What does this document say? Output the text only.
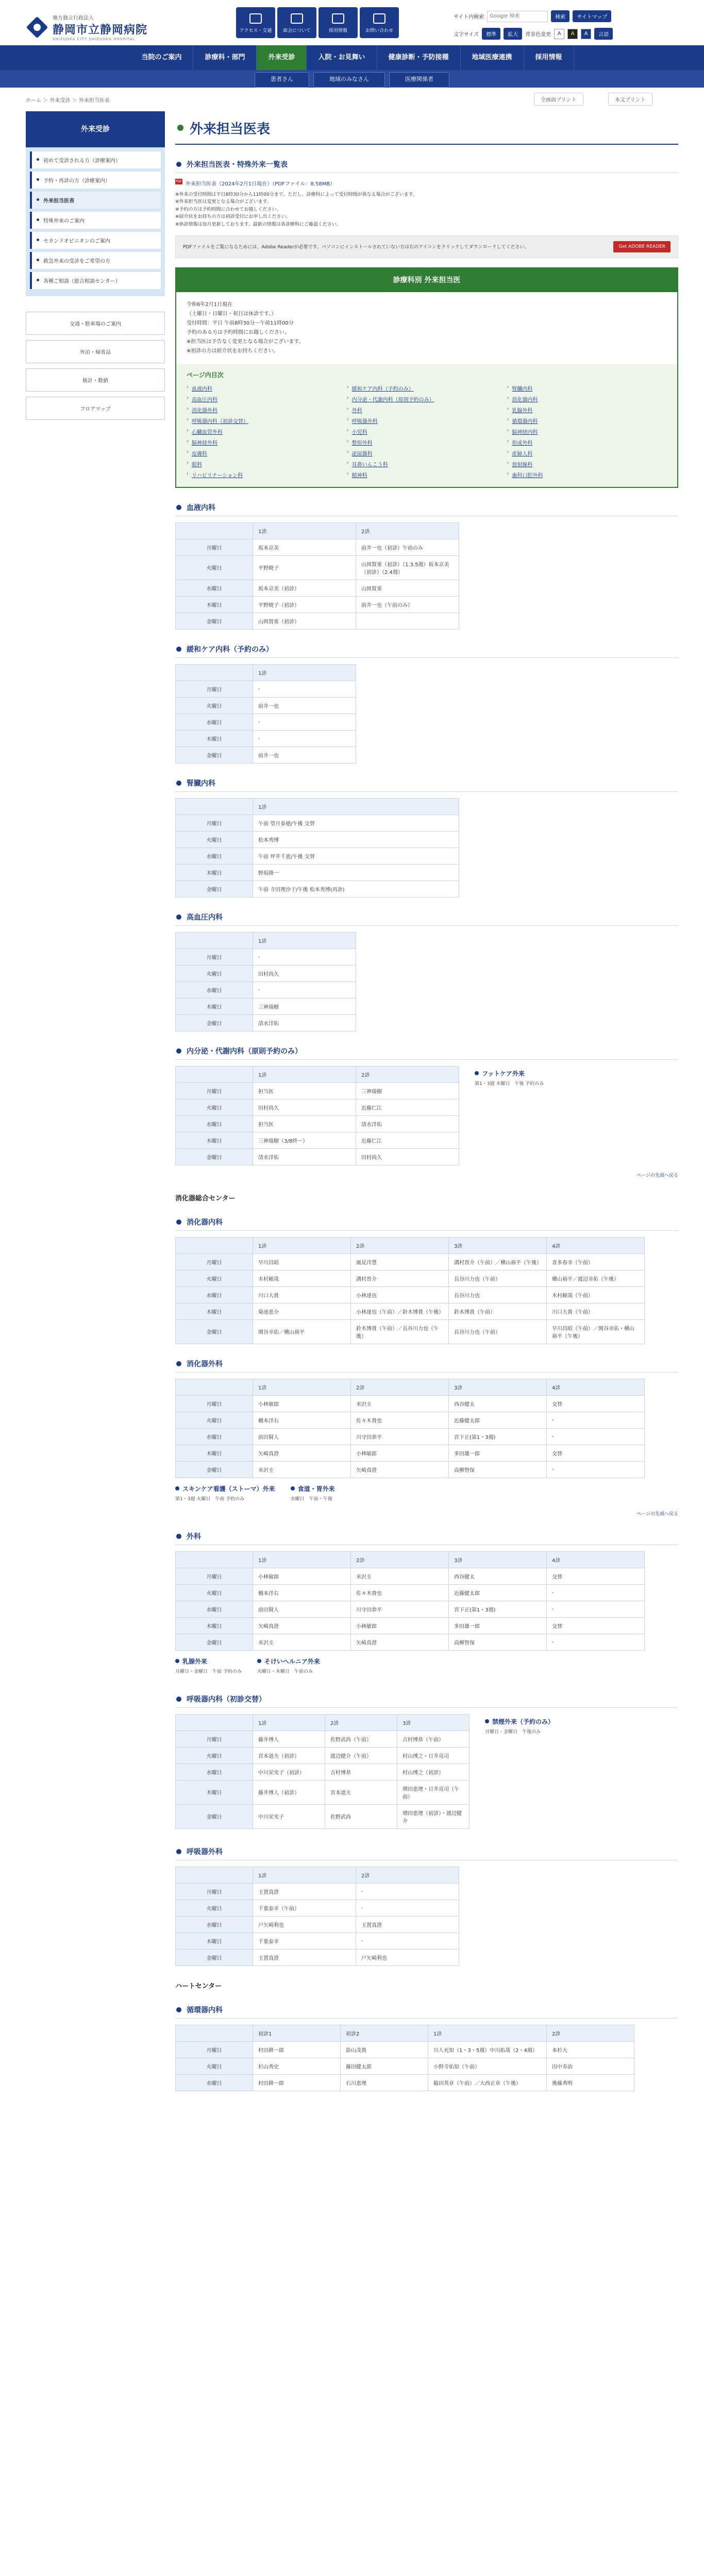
地方独立行政法人
静岡市立静岡病院
SHIZUOKA CITY SHIZUOKA HOSPITAL
アクセス・交通	面会について	採用情報	お問い合わせ
サイト内検索
Google 検索	検索	サイトマップ
文字サイズ	標準	拡大	背景色変更	A	A	A	言語
当院のご案内	診療科・部門	外来受診	入院・お見舞い	健康診断・予防接種	地域医療連携	採用情報
患者さん	地域のみなさん	医療関係者
ホーム ＞ 外来受診 ＞ 外来担当医表	全画面プリント	本文プリント
外来受診
初めて受診される方（診療案内）
予約・再診の方（診療案内）
外来担当医表
特殊外来のご案内
セカンドオピニオンのご案内
救急外来の受診をご希望の方
各種ご相談（総合相談センター）
交通・駐車場のご案内
外泊・帰省品
統計・数値
フロアマップ
外来担当医表
外来担当医表・特殊外来一覧表
PDF 外来担当医表（2024年2月1日現在）（PDFファイル：8.58MB）
※外来の受付時間は平日8時30分から11時00分まで。ただし、診療科によって受付時間が異なる場合がございます。
※外来担当医は変更となる場合がございます。
※予約の方は予約時間に合わせてお越しください。
※紹介状をお持ちの方は初診受付にお申し出ください。
※休診情報は毎月更新しております。最新の情報は各診療科にご確認ください。
PDFファイルをご覧になるためには、Adobe Readerが必要です。パソコンにインストールされていない方は右のアイコンをクリックしてダウンロードしてください。	Get ADOBE READER
診療科別 外来担当医
令和6年2月1日現在
（土曜日・日曜日・祝日は休診です。）
受付時間：平日 午前8時30分〜午前11時00分
予約のある方は予約時間にお越しください。
※担当医は予告なく変更となる場合がございます。
※初診の方は紹介状をお持ちください。
ページ内目次
› 血液内科	› 緩和ケア内科（予約のみ）	› 腎臓内科
› 高血圧内科	› 内分泌・代謝内科（原則予約のみ）	› 消化器内科
› 消化器外科	› 外科	› 乳腺外科
› 呼吸器内科（初診交替）	› 呼吸器外科	› 循環器内科
› 心臓血管外科	› 小児科	› 脳神経内科
› 脳神経外科	› 整形外科	› 形成外科
› 皮膚科	› 泌尿器科	› 産婦人科
› 眼科	› 耳鼻いんこう科	› 放射線科
› リハビリテーション科	› 精神科	› 歯科口腔外科
血液内科
	1診	2診
月曜日	坂本京美	前井一也（初診）午前のみ
火曜日	平野暁子	山岡賀重（初診）（1.3.5週）坂本京美（初診）（2.4週）
水曜日	坂本京美（初診）	山岡賀重
木曜日	平野暁子（初診）	前井一也（午前のみ）
金曜日	山岡賀重（初診）	
緩和ケア内科（予約のみ）
	1診
月曜日	-
火曜日	前井一也
水曜日	-
木曜日	-
金曜日	前井一也
腎臓内科
	1診
月曜日	午前 望月泰徳/午後 交替
火曜日	松本秀博
水曜日	午前 坪井千恵/午後 交替
木曜日	野坂隆一
金曜日	午前 寺田理沙子/午後 松本秀博(再診)
高血圧内科
	1診
月曜日	-
火曜日	田村尚久
水曜日	-
木曜日	三神瑞樹
金曜日	清水洋佑
内分泌・代謝内科（原則予約のみ）
	1診	2診
月曜日	担当医	三神瑞樹
火曜日	田村尚久	近藤仁江
水曜日	担当医	清水洋佑
木曜日	三神瑞樹（3/8終〜）	近藤仁江
金曜日	清水洋佑	田村尚久
フットケア外来
第1・3週 木曜日　午後 予約のみ
ページの先頭へ戻る
消化器総合センター
消化器内科
	1診	2診	3診	4診
月曜日	早川昌昭	風見洋慧	溝村晋介（午前）／横山裕平（午後）	喜多春幸（午前）
火曜日	木村頼哉	溝村晋介	長谷川力也（午前）	横山裕平／渡辺幸佑（午後）
水曜日	川口大貴	小林達也	長谷川力也	木村頼哉（午前）
木曜日	菊池恵介	小林達也（午前）／鈴木博貴（午後）	鈴木博貴（午前）	川口大貴（午前）
金曜日	関谷幸佑／横山裕平	鈴木博貴（午前）／長谷川力也（午後）	長谷川力也（午前）	早川昌昭（午前）／関谷幸佑・横山裕平（午後）
消化器外科
	1診	2診	3診	4診
月曜日	小林敏郎	米沢圭	西谷健太	交替
火曜日	橋本洋右	佐々木貴也	近藤健太郎	-
水曜日	前田賢人	川守田恭平	宮下正(第1・3週)	-
木曜日	矢崎真澄	小林敏郎	多田雄一郎	交替
金曜日	米沢圭	矢崎真澄	高柳智保	-
スキンケア看護（ストーマ）外来
第1・3週 火曜日　午前 予約のみ
食道・胃外来
水曜日　午前・午後
ページの先頭へ戻る
外科
	1診	2診	3診	4診
月曜日	小林敏郎	米沢圭	西谷健太	交替
火曜日	橋本洋右	佐々木貴也	近藤健太郎	-
水曜日	前田賢人	川守田恭平	宮下正(第1・3週)	-
木曜日	矢崎真澄	小林敏郎	多田雄一郎	交替
金曜日	米沢圭	矢崎真澄	高柳智保	-
乳腺外来
月曜日・金曜日　午前 予約のみ
そけいヘルニア外来
火曜日・木曜日　午前のみ
呼吸器内科（初診交替）
	1診	2診	3診
月曜日	藤井博人	佐野武尚（午前）	吉村博恭（午前）
火曜日	宮本道夫（初診）	渡辺健介（午前）	村山博之・日井亮司
水曜日	中川栄実子（初診）	吉村博恭	村山博之（初診）
木曜日	藤井博人（初診）	宮本道夫	増田恵理・日井亮司（午前）
金曜日	中川栄実子	佐野武尚	増田恵理（初診）・渡辺健介
禁煙外来（予約のみ）
月曜日・金曜日　午後のみ
呼吸器外科
	1診	2診
月曜日	玉置真澄	-
火曜日	千葉泰幸（午前）	-
水曜日	戸矢崎利也	玉置真澄
木曜日	千葉泰幸	-
金曜日	玉置真澄	戸矢崎利也
ハートセンター
循環器内科
	初診1	初診2	1診	2診
月曜日	村田耕一郎	影山茂貴	川人充知（1・3・5週）中川拓哉（2・4週）	本杉大
火曜日	杉山秀史	藤田健太郎	小野寺佑知（午前）	田中寿治
水曜日	村田耕一郎	石川恵理	脇田英章（午前）／大西正章（午後）	後藤秀明
